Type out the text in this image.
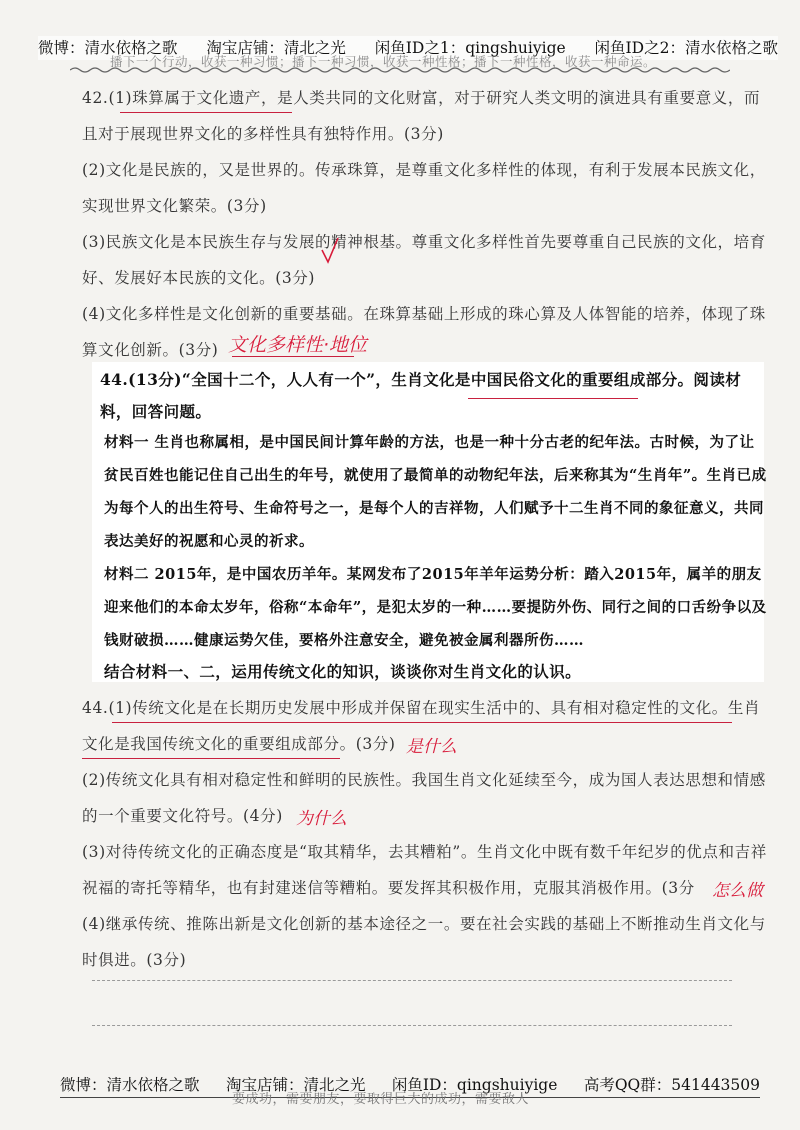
微博：清水依格之歌 淘宝店铺：清北之光 闲鱼ID之1：qingshuiyige 闲鱼ID之2：清水依格之歌
播下一个行动，收获一种习惯；播下一种习惯，收获一种性格；播下一种性格，收获一种命运。
42.(1)珠算属于文化遗产，是人类共同的文化财富，对于研究人类文明的演进具有重要意义，而且对于展现世界文化的多样性具有独特作用。(3分)
(2)文化是民族的，又是世界的。传承珠算，是尊重文化多样性的体现，有利于发展本民族文化，实现世界文化繁荣。(3分)
(3)民族文化是本民族生存与发展的精神根基。尊重文化多样性首先要尊重自己民族的文化，培育好、发展好本民族的文化。(3分)
(4)文化多样性是文化创新的重要基础。在珠算基础上形成的珠心算及人体智能的培养，体现了珠算文化创新。(3分) 文化多样性·地位
44.(13分)“全国十二个，人人有一个”，生肖文化是中国民俗文化的重要组成部分。阅读材料，回答问题。
材料一 生肖也称属相，是中国民间计算年龄的方法，也是一种十分古老的纪年法。古时候，为了让贫民百姓也能记住自己出生的年号，就使用了最简单的动物纪年法，后来称其为“生肖年”。生肖已成为每个人的出生符号、生命符号之一，是每个人的吉祥物，人们赋予十二生肖不同的象征意义，共同表达美好的祝愿和心灵的祈求。
材料二 2015年，是中国农历羊年。某网发布了2015年羊年运势分析：踏入2015年，属羊的朋友迎来他们的本命太岁年，俗称“本命年”，是犯太岁的一种……要提防外伤、同行之间的口舌纷争以及钱财破损……健康运势欠佳，要格外注意安全，避免被金属利器所伤……
结合材料一、二，运用传统文化的知识，谈谈你对生肖文化的认识。
44.(1)传统文化是在长期历史发展中形成并保留在现实生活中的、具有相对稳定性的文化。生肖文化是我国传统文化的重要组成部分。(3分) 是什么
(2)传统文化具有相对稳定性和鲜明的民族性。我国生肖文化延续至今，成为国人表达思想和情感的一个重要文化符号。(4分) 为什么
(3)对待传统文化的正确态度是“取其精华，去其糟粕”。生肖文化中既有数千年纪岁的优点和吉祥祝福的寄托等精华，也有封建迷信等糟粕。要发挥其积极作用，克服其消极作用。(3分	怎么做
(4)继承传统、推陈出新是文化创新的基本途径之一。要在社会实践的基础上不断推动生肖文化与时俱进。(3分)
微博：清水依格之歌 淘宝店铺：清北之光 闲鱼ID：qingshuiyige 高考QQ群：541443509
要成功，需要朋友，要取得巨大的成功，需要敌人
